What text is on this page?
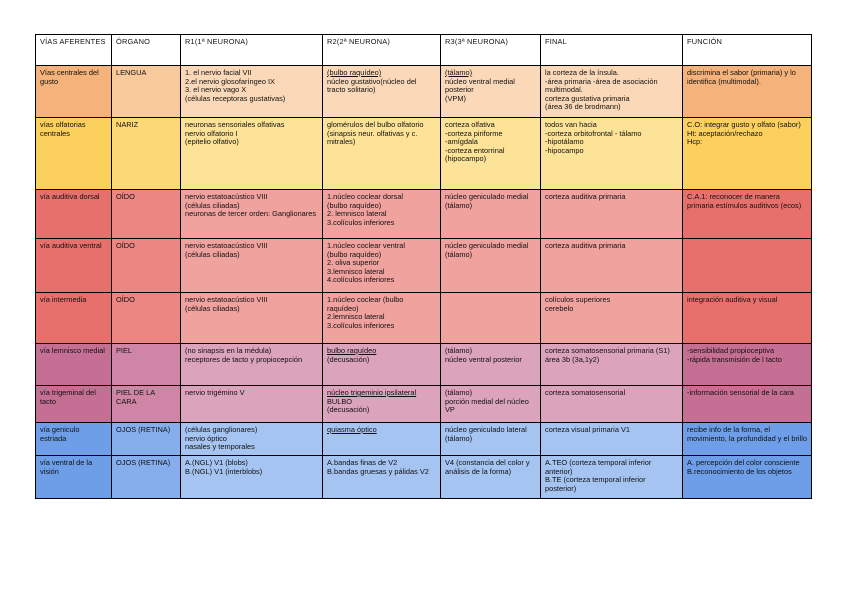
VÍAS AFERENTES	ÓRGANO	R1(1ª NEURONA)	R2(2ª NEURONA)	R3(3ª NEURONA)	FINAL	FUNCIÓN

Vías centrales del gusto	LENGUA	1. el nervio facial VII
2.el nervio glosofaríngeo IX
3. el nervio vago X
(células receptoras gustativas)	(bulbo raquídeo)
núcleo gustativo(núcleo del tracto solitario)	(tálamo)
núcleo ventral medial posterior
(VPM)	la corteza de la ínsula.
-área primaria -área de asociación multimodal.
corteza gustativa primaria
(área 36 de brodmann)	discrimina el sabor (primaria) y lo identifica (multimodal).

vías olfatorias centrales	NARIZ	neuronas sensoriales olfativas
nervio olfatorio I
(epitelio olfativo)	glomérulos del bulbo olfatorio
(sinapsis neur. olfativas y c. mitrales)	corteza olfativa
-corteza piriforme
-amígdala
-corteza entorrinal
(hipocampo)	todos van hacia
-corteza orbitofrontal - tálamo
-hipotálamo
-hipocampo	C.O: integrar gusto y olfato (sabor)
Ht: aceptación/rechazo
Hcp:

vía auditiva dorsal	OÍDO	nervio estatoacústico VIII
(células ciliadas)
neuronas de tercer orden: Ganglionares	1.núcleo coclear dorsal
(bulbo raquídeo)
2. lemnisco lateral
3.colículos inferiores	núcleo geniculado medial (tálamo)	corteza auditiva primaria	C.A.1: reconocer de manera primaria estímulos auditivos (ecos)

vía auditiva ventral	OÍDO	nervio estatoacústico VIII
(células ciliadas)	1.núcleo coclear ventral
(bulbo raquídeo)
2. oliva superior
3.lemnisco lateral
4.colículos inferiores	núcleo geniculado medial (tálamo)	corteza auditiva primaria	

vía intermedia	OÍDO	nervio estatoacústico VIII
(células ciliadas)	1.núcleo coclear (bulbo raquídeo)
2.lemnisco lateral
3.colículos inferiores		colículos superiores
cerebelo	integración auditiva y visual

vía lemnisco medial	PIEL	(no sinapsis en la médula)
receptores de tacto y propiocepción	bulbo raquídeo
(decusación)	(tálamo)
núcleo ventral posterior	corteza somatosensorial primaria (S1)
área 3b (3a,1y2)	-sensibilidad propioceptiva
-rápida transmisión de l tacto

vía trigeminal del tacto	PIEL DE LA CARA	nervio trigémino V	núcleo trigeminio ipsilateral
BULBO
(decusación)	(tálamo)
porción medial del núcleo VP	corteza somatosensorial	-información sensorial de la cara

vía geniculo estriada	OJOS (RETINA)	(células ganglionares)
nervio óptico
nasales y temporales	quiasma óptico	núcleo geniculado lateral
(tálamo)	corteza visual primaria V1	recibe info de la forma, el movimiento, la profundidad y el brillo

vía ventral de la visión	OJOS (RETINA)	A.(NGL) V1 (blobs)
B.(NGL) V1 (interblobs)	A.bandas finas de V2
B.bandas gruesas y pálidas V2	V4 (constancia del color y análisis de la forma)	A.TEO (corteza temporal inferior anterior)
B.TE (corteza temporal inferior posterior)	A. percepción del color consciente
B.reconocimiento de los objetos
